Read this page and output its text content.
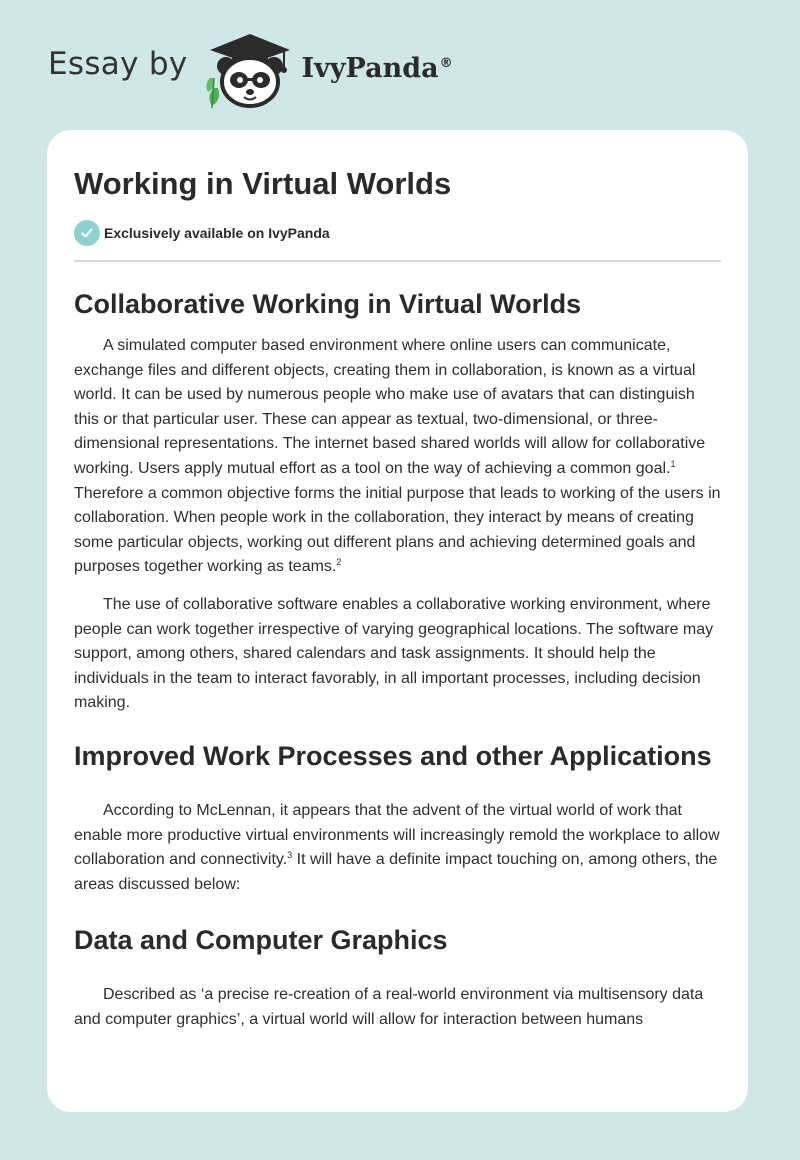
Essay by	IvyPanda®
Working in Virtual Worlds
Exclusively available on IvyPanda
Collaborative Working in Virtual Worlds

A simulated computer based environment where online users can communicate, exchange files and different objects, creating them in collaboration, is known as a virtual world. It can be used by numerous people who make use of avatars that can distinguish this or that particular user. These can appear as textual, two-dimensional, or three-dimensional representations. The internet based shared worlds will allow for collaborative working. Users apply mutual effort as a tool on the way of achieving a common goal.$^1$ Therefore a common objective forms the initial purpose that leads to working of the users in collaboration. When people work in the collaboration, they interact by means of creating some particular objects, working out different plans and achieving determined goals and purposes together working as teams.$^2$

The use of collaborative software enables a collaborative working environment, where people can work together irrespective of varying geographical locations. The software may support, among others, shared calendars and task assignments. It should help the individuals in the team to interact favorably, in all important processes, including decision making.

Improved Work Processes and other Applications

According to McLennan, it appears that the advent of the virtual world of work that enable more productive virtual environments will increasingly remold the workplace to allow collaboration and connectivity.$^3$ It will have a definite impact touching on, among others, the areas discussed below:

Data and Computer Graphics

Described as ‘a precise re-creation of a real-world environment via multisensory data and computer graphics’, a virtual world will allow for interaction between humans
